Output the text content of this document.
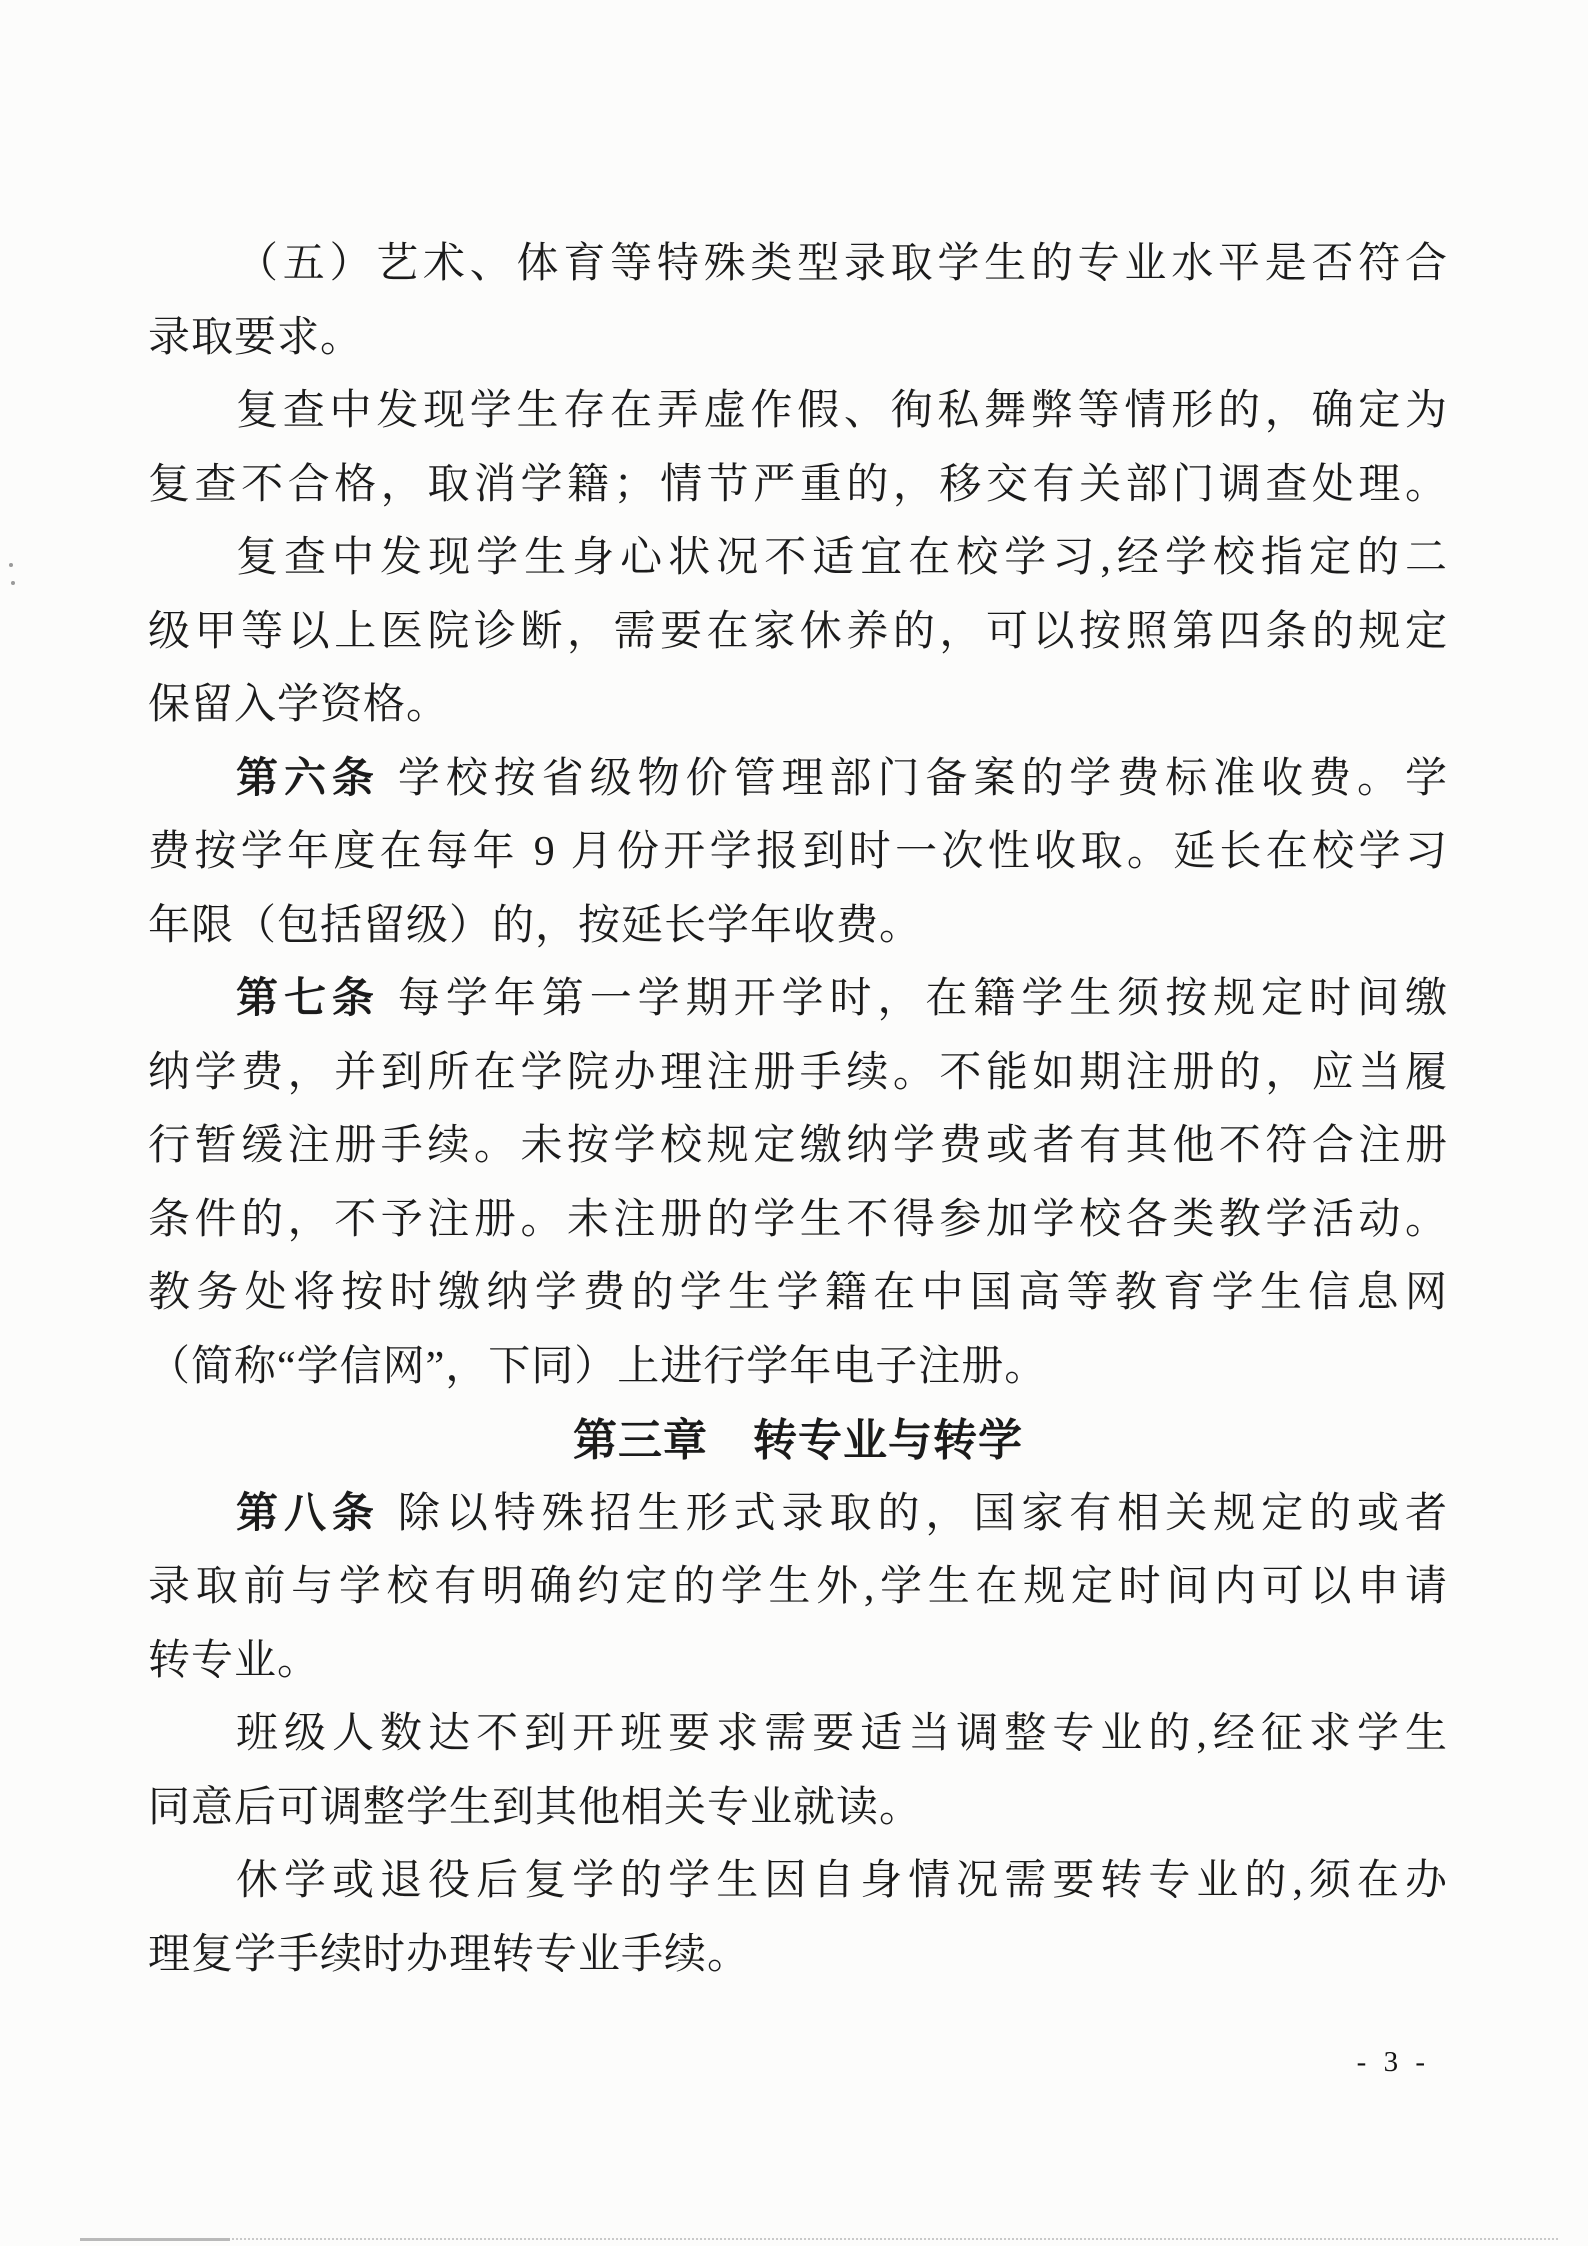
（五）艺术、体育等特殊类型录取学生的专业水平是否符合
录取要求。
复查中发现学生存在弄虚作假、徇私舞弊等情形的，确定为
复查不合格，取消学籍；情节严重的，移交有关部门调查处理。
复查中发现学生身心状况不适宜在校学习,经学校指定的二
级甲等以上医院诊断，需要在家休养的，可以按照第四条的规定
保留入学资格。
第六条 学校按省级物价管理部门备案的学费标准收费。学
费按学年度在每年 9 月份开学报到时一次性收取。延长在校学习
年限（包括留级）的，按延长学年收费。
第七条 每学年第一学期开学时，在籍学生须按规定时间缴
纳学费，并到所在学院办理注册手续。不能如期注册的，应当履
行暂缓注册手续。未按学校规定缴纳学费或者有其他不符合注册
条件的，不予注册。未注册的学生不得参加学校各类教学活动。
教务处将按时缴纳学费的学生学籍在中国高等教育学生信息网
（简称“学信网”，下同）上进行学年电子注册。
第三章　转专业与转学
第八条 除以特殊招生形式录取的，国家有相关规定的或者
录取前与学校有明确约定的学生外,学生在规定时间内可以申请
转专业。
班级人数达不到开班要求需要适当调整专业的,经征求学生
同意后可调整学生到其他相关专业就读。
休学或退役后复学的学生因自身情况需要转专业的,须在办
理复学手续时办理转专业手续。
- 3 -
